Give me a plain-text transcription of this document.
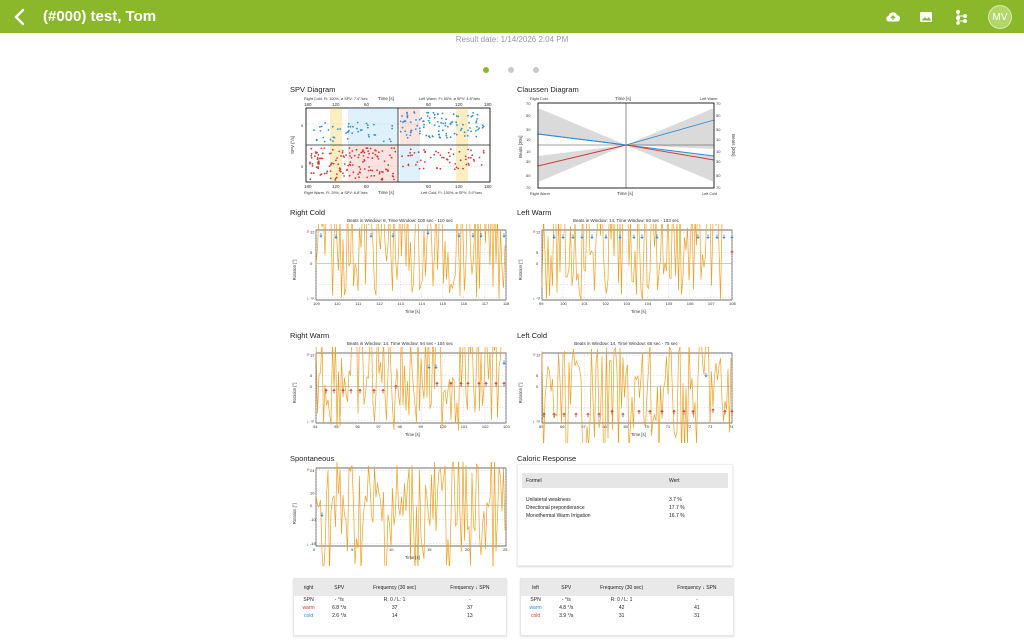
(#000) test, Tom	MV
Result date: 1/14/2026 2:04 PM
SPV Diagram
Right Cold, Fi: 100%, ø SPV: 7.4°/sec Time [s]	Left Warm, Fi: 80%, ø SPV: 4.8°/sec
180	120	60	60	120	180
SPV [°/s]
5
5
180	120	60	60	120	180
Right Warm, Fi: 29%, ø SPV: 6.8°/sec Time [s]	Left Cold, Fi: 100%, ø SPV: 3.9°/sec
Claussen Diagram
Right Cold	Time [s]	Left Warm
70
50
30
10
10
30
50
70
70
50
30
10
10
30
50
70
Beats [30s]	Beats [30s]
Right Warm	Time [s]	Left Cold
Right Cold
Beats in Window: 8, Time Window: 100 sec - 110 sec
109	110	111	112	113	114	115	116	117	118
12
5
0
-9
R
L
Time [s]
Rotation [°]
Left Warm
Beats in Window: 14, Time Window: 93 sec - 103 sec
99	100	101	102	103	104	105	106	107	108
12
5
0
-9
R
L
Time [s]
Rotation [°]
Right Warm
Beats in Window: 14, Time Window: 94 sec - 104 sec
94	95	96	97	98	99	100	101	102	103
12
5
0
-9
R
L
Time [s]
Rotation [°]
Left Cold
Beats in Window: 14, Time Window: 65 sec - 75 sec
65	66	67	68	69	70	71	72	73	74
12
5
0
-9
R
L
Time [s]
Rotation [°]
Spontaneous
0	5	10	15	20	25
24
10
0
-10
-19
R
L
Time [s]
Rotation [°]
Caloric Response
Formel	Wert

Unilateral weakness	3.7 %
Directional preponderance	17.7 %
Monothermal Warm Irrigation	16.7 %
right	SPV	Frequency (30 sec)	Frequency ↓ SPN
SPN	- °/s	R: 0 / L: 1	-
warm	6.8 °/s	37	37
cold	2.6 °/s	14	13
left	SPV	Frequency (30 sec)	Frequency ↓ SPN
SPN	- °/s	R: 0 / L: 1	-
warm	4.8 °/s	42	41
cold	3.9 °/s	31	31
